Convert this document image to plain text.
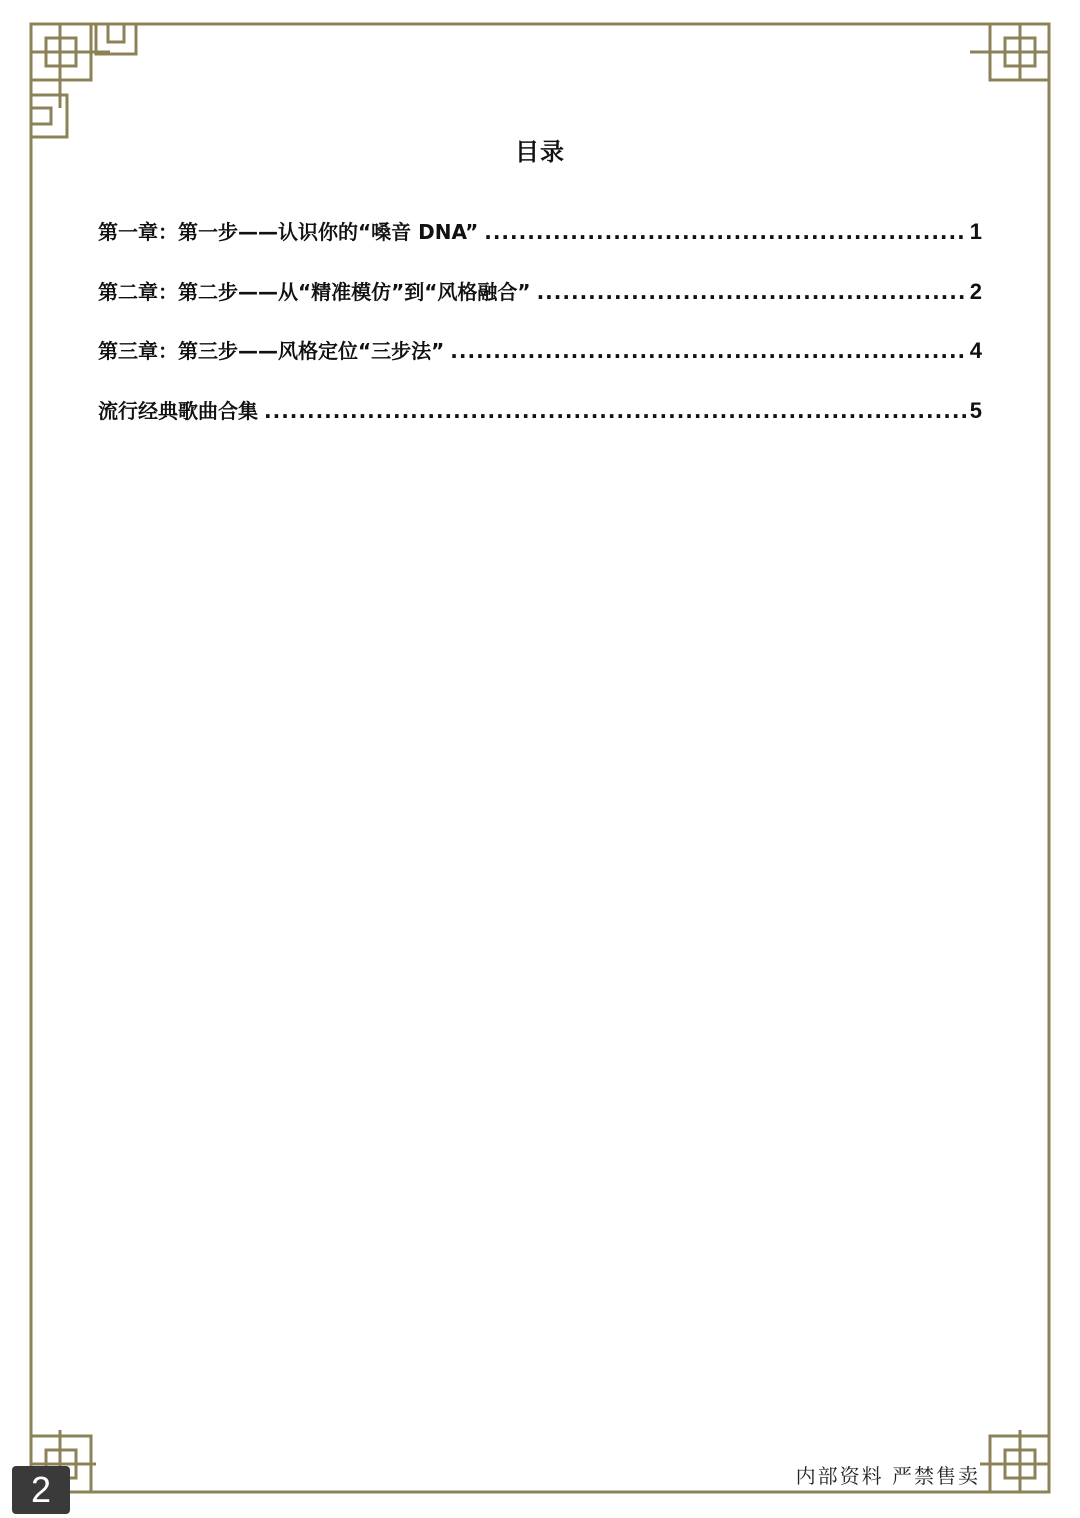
目录
第一章：第一步——认识你的“嗓音 DNA” .....	1
第二章：第二步——从“精准模仿”到“风格融合” .....	2
第三章：第三步——风格定位“三步法” .....	4
流行经典歌曲合集 .....	5
内部资料 严禁售卖
2
